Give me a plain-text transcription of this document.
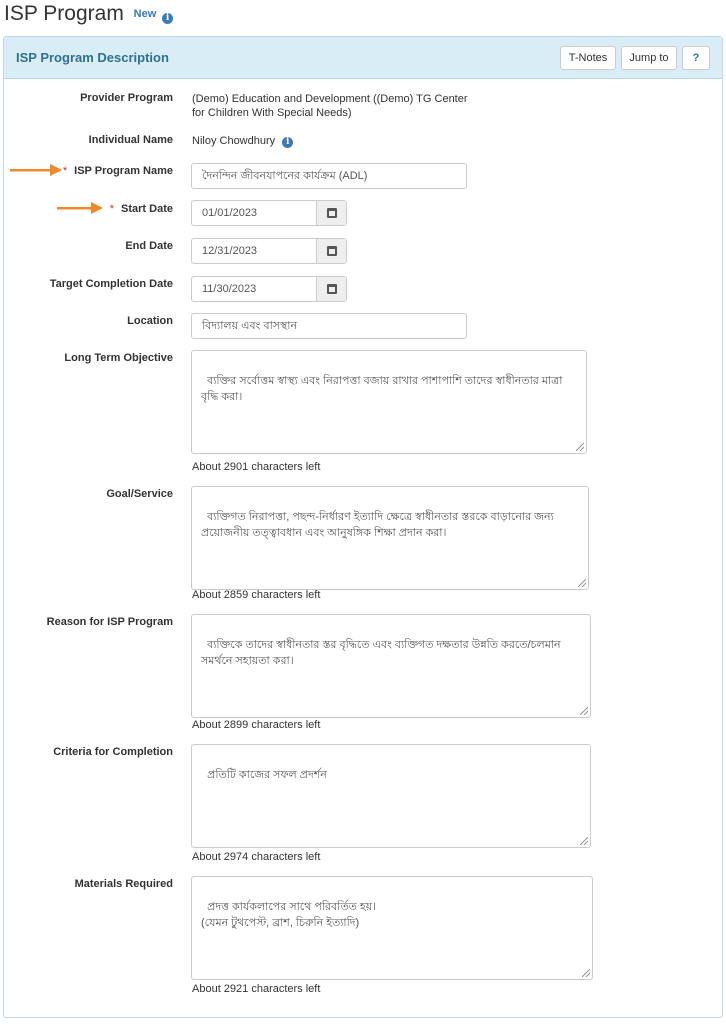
ISP Program New i
ISP Program Description	T-Notes	Jump to	?
Provider Program (Demo) Education and Development ((Demo) TG Center
for Children With Special Needs)
Individual Name Niloy Chowdhury i
* ISP Program Name	দৈনন্দিন জীবনযাপনের কার্যক্রম (ADL)
* Start Date	01/01/2023
End Date	12/31/2023
Target Completion Date	11/30/2023
Location	বিদ্যালয় এবং বাসস্থান
Long Term Objective

ব্যক্তির সর্বোত্তম স্বাস্থ্য এবং নিরাপত্তা বজায় রাখার পাশাপাশি তাদের স্বাধীনতার মাত্রা বৃদ্ধি করা।

About 2901 characters left
Goal/Service

ব্যক্তিগত নিরাপত্তা, পছন্দ-নির্ধারণ ইত্যাদি ক্ষেত্রে স্বাধীনতার স্তরকে বাড়ানোর জন্য প্রয়োজনীয় তত্ত্বাবধান এবং আনুষঙ্গিক শিক্ষা প্রদান করা।

About 2859 characters left
Reason for ISP Program

ব্যক্তিকে তাদের স্বাধীনতার স্তর বৃদ্ধিতে এবং ব্যক্তিগত দক্ষতার উন্নতি করতে/চলমান সমর্থনে সহায়তা করা।

About 2899 characters left
Criteria for Completion

প্রতিটি কাজের সফল প্রদর্শন

About 2974 characters left
Materials Required

প্রদত্ত কার্যকলাপের সাথে পরিবর্তিত হয়।
(যেমন টুথপেস্ট, ব্রাশ, চিরুনি ইত্যাদি)

About 2921 characters left
